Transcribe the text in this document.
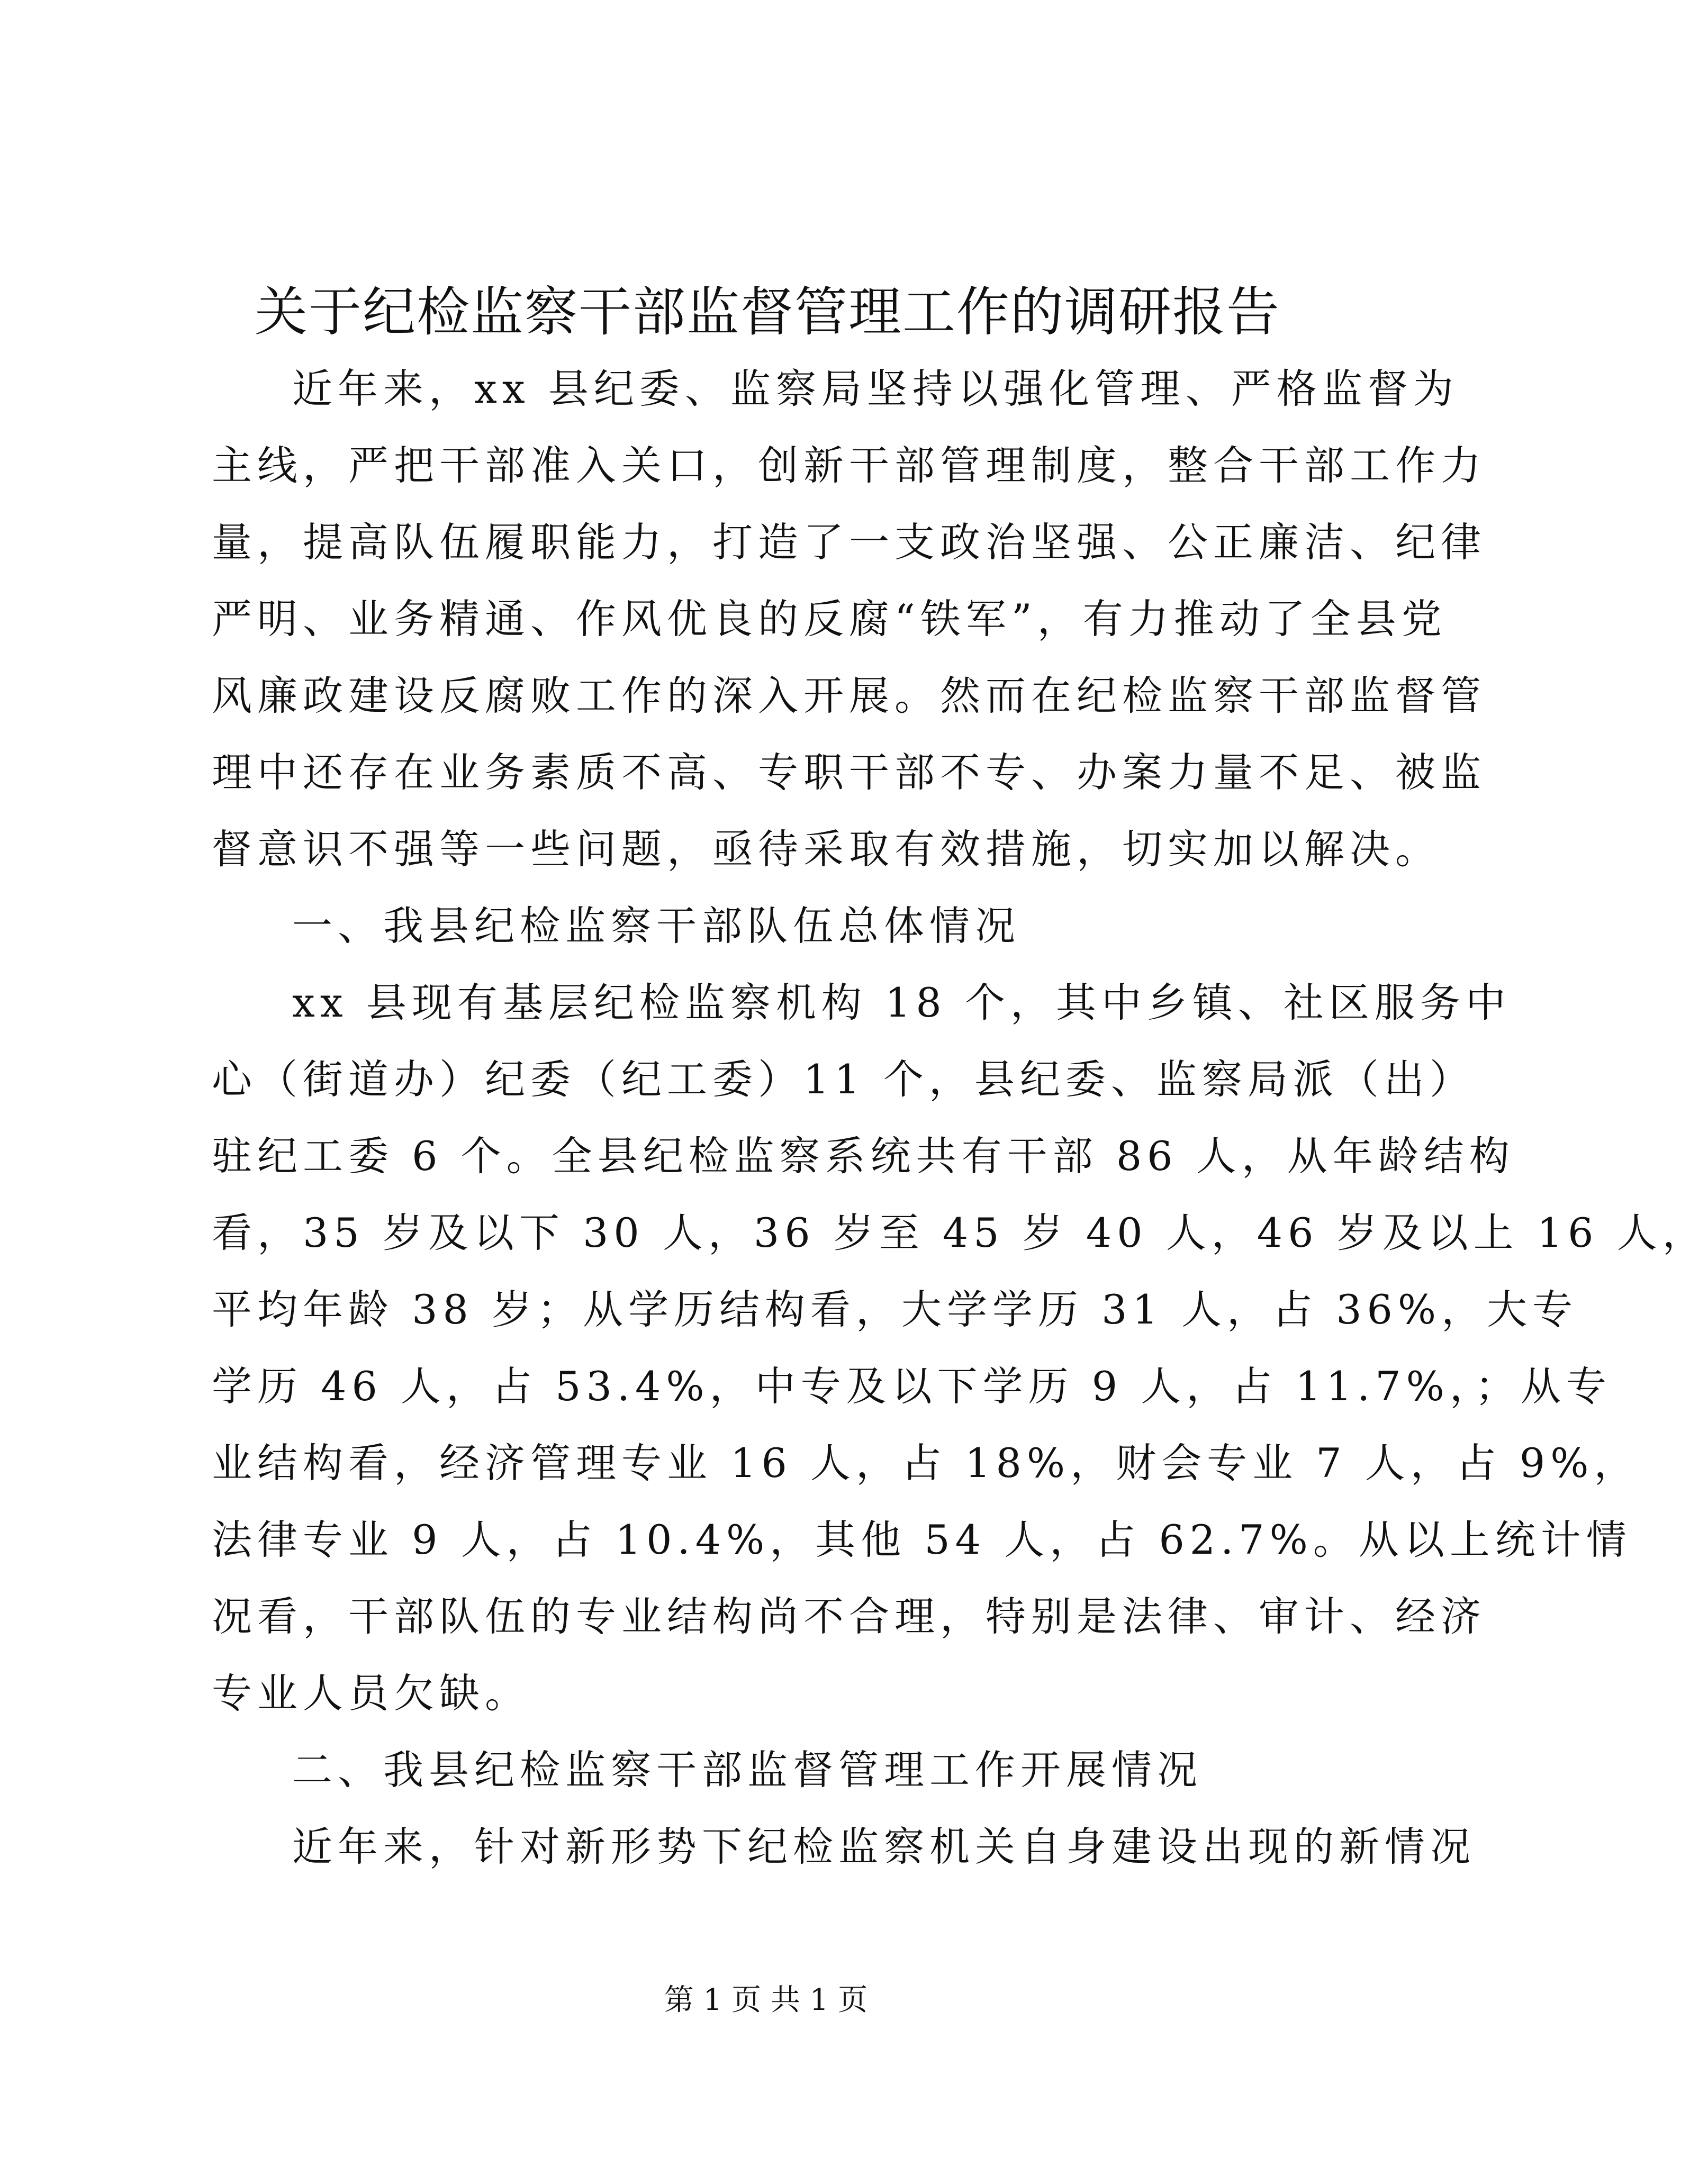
关于纪检监察干部监督管理工作的调研报告
近年来，xx 县纪委、监察局坚持以强化管理、严格监督为
主线，严把干部准入关口，创新干部管理制度，整合干部工作力
量，提高队伍履职能力，打造了一支政治坚强、公正廉洁、纪律
严明、业务精通、作风优良的反腐“铁军”，有力推动了全县党
风廉政建设反腐败工作的深入开展。然而在纪检监察干部监督管
理中还存在业务素质不高、专职干部不专、办案力量不足、被监
督意识不强等一些问题，亟待采取有效措施，切实加以解决。
一、我县纪检监察干部队伍总体情况
xx 县现有基层纪检监察机构 18 个，其中乡镇、社区服务中
心（街道办）纪委（纪工委）11 个，县纪委、监察局派（出）
驻纪工委 6 个。全县纪检监察系统共有干部 86 人，从年龄结构
看，35 岁及以下 30 人，36 岁至 45 岁 40 人，46 岁及以上 16 人，
平均年龄 38 岁；从学历结构看，大学学历 31 人，占 36%，大专
学历 46 人，占 53.4%，中专及以下学历 9 人，占 11.7%，；从专
业结构看，经济管理专业 16 人，占 18%，财会专业 7 人，占 9%，
法律专业 9 人，占 10.4%，其他 54 人，占 62.7%。从以上统计情
况看，干部队伍的专业结构尚不合理，特别是法律、审计、经济
专业人员欠缺。
二、我县纪检监察干部监督管理工作开展情况
近年来，针对新形势下纪检监察机关自身建设出现的新情况
第 1 页 共 1 页
